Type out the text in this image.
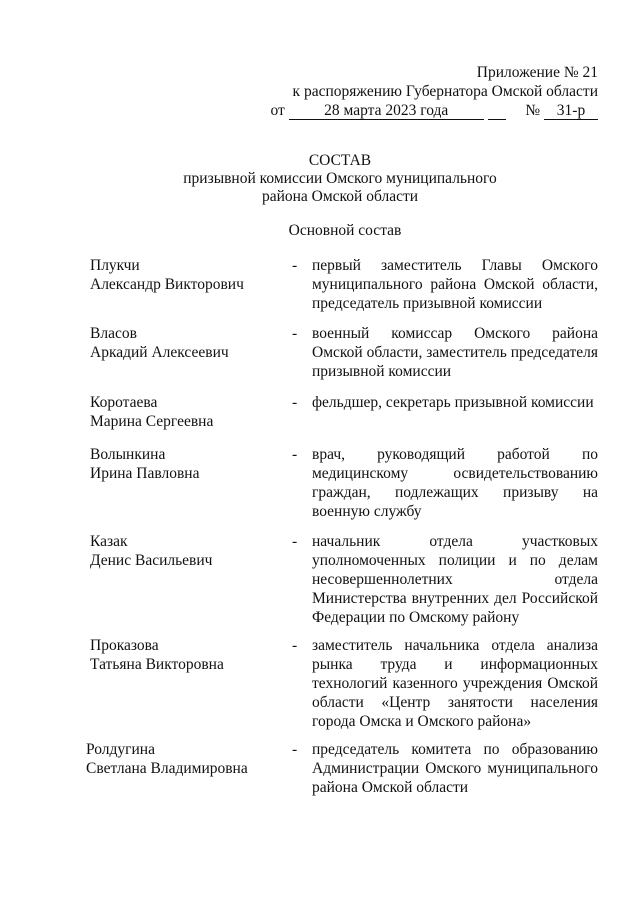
Приложение № 21
к распоряжению Губернатора Омской области
от	28 марта 2023 года	№ 31-р
СОСТАВ
призывной комиссии Омского муниципального
района Омской области
Основной состав
Плукчи
Александр Викторович
- первый заместитель Главы Омского муниципального района Омской области, председатель призывной комиссии
Власов
Аркадий Алексеевич
- военный комиссар Омского района Омской области, заместитель председателя призывной комиссии
Коротаева
Марина Сергеевна
- фельдшер, секретарь призывной комиссии
Волынкина
Ирина Павловна
- врач, руководящий работой по медицинскому освидетельствованию граждан, подлежащих призыву на военную службу
Казак
Денис Васильевич
- начальник отдела участковых уполномоченных полиции и по делам несовершеннолетних отдела Министерства внутренних дел Российской Федерации по Омскому району
Проказова
Татьяна Викторовна
- заместитель начальника отдела анализа рынка труда и информационных технологий казенного учреждения Омской области «Центр занятости населения города Омска и Омского района»
Ролдугина
Светлана Владимировна
- председатель комитета по образованию Администрации Омского муниципального района Омской области
